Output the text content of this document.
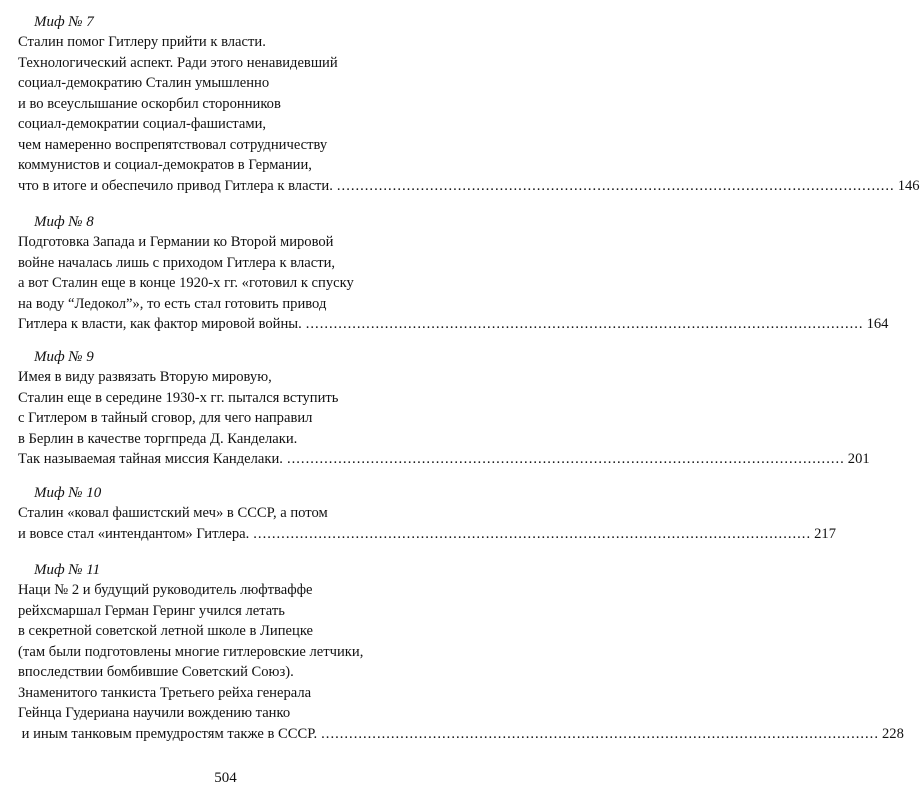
Миф № 7
Сталин помог Гитлеру прийти к власти.
Технологический аспект. Ради этого ненавидевший
социал-демократию Сталин умышленно
и во всеуслышание оскорбил сторонников
социал-демократии социал-фашистами,
чем намеренно воспрепятствовал сотрудничеству
коммунистов и социал-демократов в Германии,
что в итоге и обеспечило привод Гитлера к власти. ........................................................................................................................ 146
Миф № 8
Подготовка Запада и Германии ко Второй мировой
войне началась лишь с приходом Гитлера к власти,
а вот Сталин еще в конце 1920-х гг. «готовил к спуску
на воду “Ледокол”», то есть стал готовить привод
Гитлера к власти, как фактор мировой войны. ........................................................................................................................ 164
Миф № 9
Имея в виду развязать Вторую мировую,
Сталин еще в середине 1930-х гг. пытался вступить
с Гитлером в тайный сговор, для чего направил
в Берлин в качестве торгпреда Д. Канделаки.
Так называемая тайная миссия Канделаки. ........................................................................................................................ 201
Миф № 10
Сталин «ковал фашистский меч» в СССР, а потом
и вовсе стал «интендантом» Гитлера. ........................................................................................................................ 217
Миф № 11
Наци № 2 и будущий руководитель люфтваффе
рейхсмаршал Герман Геринг учился летать
в секретной советской летной школе в Липецке
(там были подготовлены многие гитлеровские летчики,
впоследствии бомбившие Советский Союз).
Знаменитого танкиста Третьего рейха генерала
Гейнца Гудериана научили вождению танко
и иным танковым премудростям также в СССР. ........................................................................................................................ 228
504
